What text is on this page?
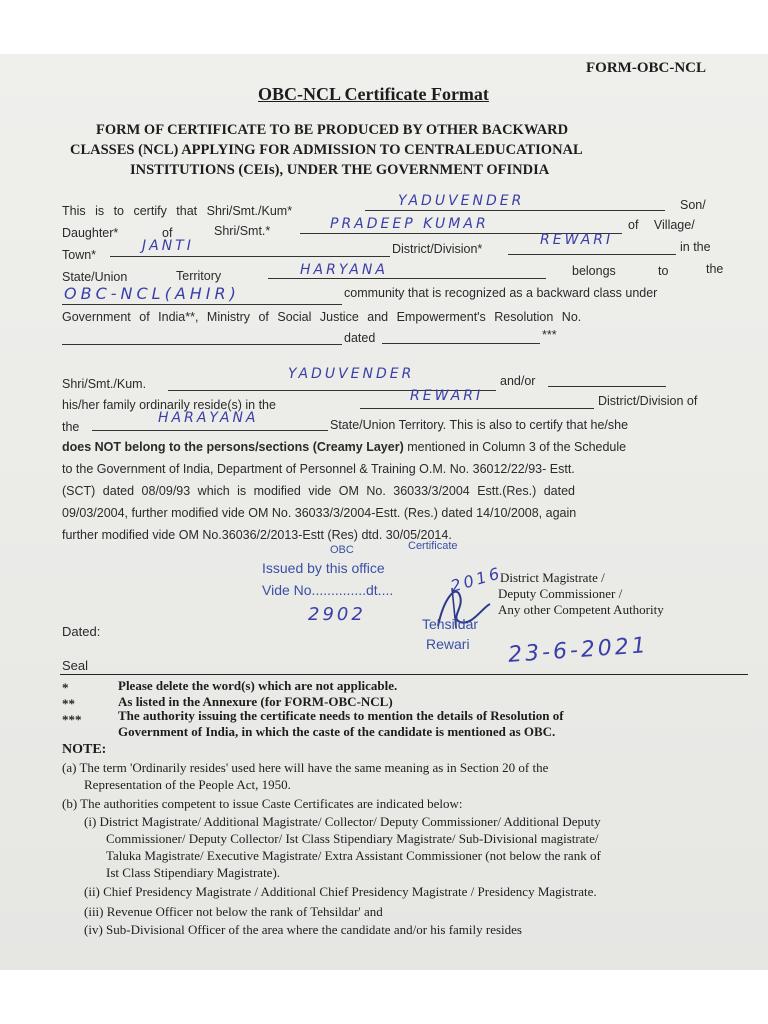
FORM-OBC-NCL
OBC-NCL Certificate Format
FORM OF CERTIFICATE TO BE PRODUCED BY OTHER BACKWARD
CLASSES (NCL) APPLYING FOR ADMISSION TO CENTRALEDUCATIONAL
INSTITUTIONS (CEIs), UNDER THE GOVERNMENT OFINDIA
This is to certify that Shri/Smt./Kum*
YADUVENDER	Son/
Daughter*	of	Shri/Smt.*	PRADEEP KUMAR	of Village/
Town*
JANTI	District/Division*
REWARI	in the
State/Union	Territory	HARYANA	belongs	to	the
OBC-NCL(AHIR)	community that is recognized as a backward class under
Government of India**, Ministry of Social Justice and Empowerment's Resolution No.
dated	***
Shri/Smt./Kum.
YADUVENDER	and/or
his/her family ordinarily reside(s) in the
REWARI	District/Division of
the
HARAYANA	State/Union Territory. This is also to certify that he/she
does NOT belong to the persons/sections (Creamy Layer) mentioned in Column 3 of the Schedule
to the Government of India, Department of Personnel & Training O.M. No. 36012/22/93- Estt.
(SCT) dated 08/09/93 which is modified vide OM No. 36033/3/2004 Estt.(Res.) dated
09/03/2004, further modified vide OM No. 36033/3/2004-Estt. (Res.) dated 14/10/2008, again
further modified vide OM No.36036/2/2013-Estt (Res) dtd. 30/05/2014.
OBC	Certificate
Issued by this office
Vide No..............dt....	2016
2902	Tehsildar
Rewari 23-6-2021
District Magistrate /
Deputy Commissioner /
Any other Competent Authority
Dated:
Seal
*	Please delete the word(s) which are not applicable.
**	As listed in the Annexure (for FORM-OBC-NCL)
***	The authority issuing the certificate needs to mention the details of Resolution of
Government of India, in which the caste of the candidate is mentioned as OBC.
NOTE:
(a) The term 'Ordinarily resides' used here will have the same meaning as in Section 20 of the
Representation of the People Act, 1950.
(b) The authorities competent to issue Caste Certificates are indicated below:
(i) District Magistrate/ Additional Magistrate/ Collector/ Deputy Commissioner/ Additional Deputy
Commissioner/ Deputy Collector/ Ist Class Stipendiary Magistrate/ Sub-Divisional magistrate/
Taluka Magistrate/ Executive Magistrate/ Extra Assistant Commissioner (not below the rank of
Ist Class Stipendiary Magistrate).
(ii) Chief Presidency Magistrate / Additional Chief Presidency Magistrate / Presidency Magistrate.
(iii) Revenue Officer not below the rank of Tehsildar' and
(iv) Sub-Divisional Officer of the area where the candidate and/or his family resides
